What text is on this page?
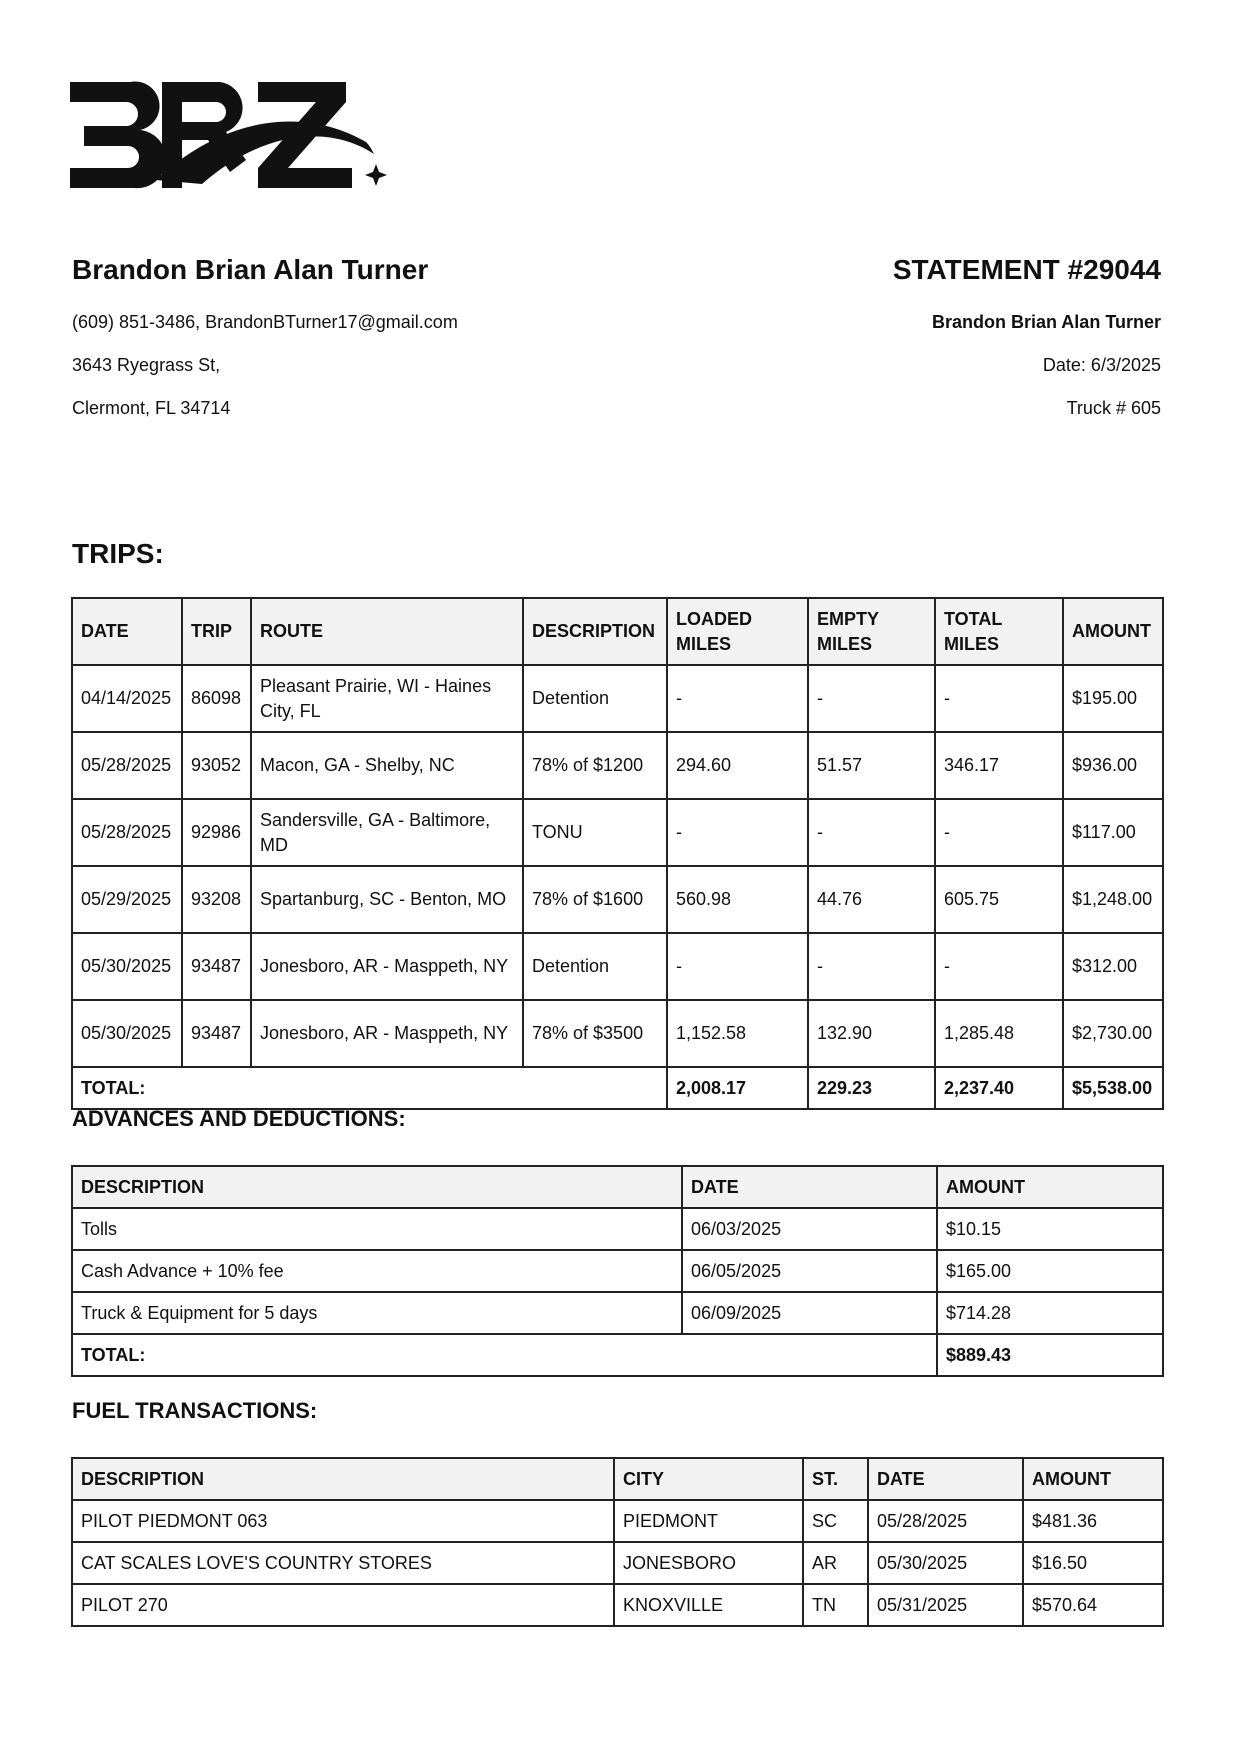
Brandon Brian Alan Turner
(609) 851-3486, BrandonBTurner17@gmail.com
3643 Ryegrass St,
Clermont, FL 34714
STATEMENT #29044
Brandon Brian Alan Turner
Date: 6/3/2025
Truck # 605
TRIPS:
DATE	TRIP	ROUTE	DESCRIPTION	LOADED MILES	EMPTY MILES	TOTAL MILES	AMOUNT
04/14/2025	86098	Pleasant Prairie, WI - Haines City, FL	Detention	-	-	-	$195.00
05/28/2025	93052	Macon, GA - Shelby, NC	78% of $1200	294.60	51.57	346.17	$936.00
05/28/2025	92986	Sandersville, GA - Baltimore, MD	TONU	-	-	-	$117.00
05/29/2025	93208	Spartanburg, SC - Benton, MO	78% of $1600	560.98	44.76	605.75	$1,248.00
05/30/2025	93487	Jonesboro, AR - Masppeth, NY	Detention	-	-	-	$312.00
05/30/2025	93487	Jonesboro, AR - Masppeth, NY	78% of $3500	1,152.58	132.90	1,285.48	$2,730.00
TOTAL:				2,008.17	229.23	2,237.40	$5,538.00
ADVANCES AND DEDUCTIONS:
DESCRIPTION	DATE	AMOUNT
Tolls	06/03/2025	$10.15
Cash Advance + 10% fee	06/05/2025	$165.00
Truck & Equipment for 5 days	06/09/2025	$714.28
TOTAL:		$889.43
FUEL TRANSACTIONS:
DESCRIPTION	CITY	ST.	DATE	AMOUNT
PILOT PIEDMONT 063	PIEDMONT	SC	05/28/2025	$481.36
CAT SCALES LOVE'S COUNTRY STORES	JONESBORO	AR	05/30/2025	$16.50
PILOT 270	KNOXVILLE	TN	05/31/2025	$570.64
